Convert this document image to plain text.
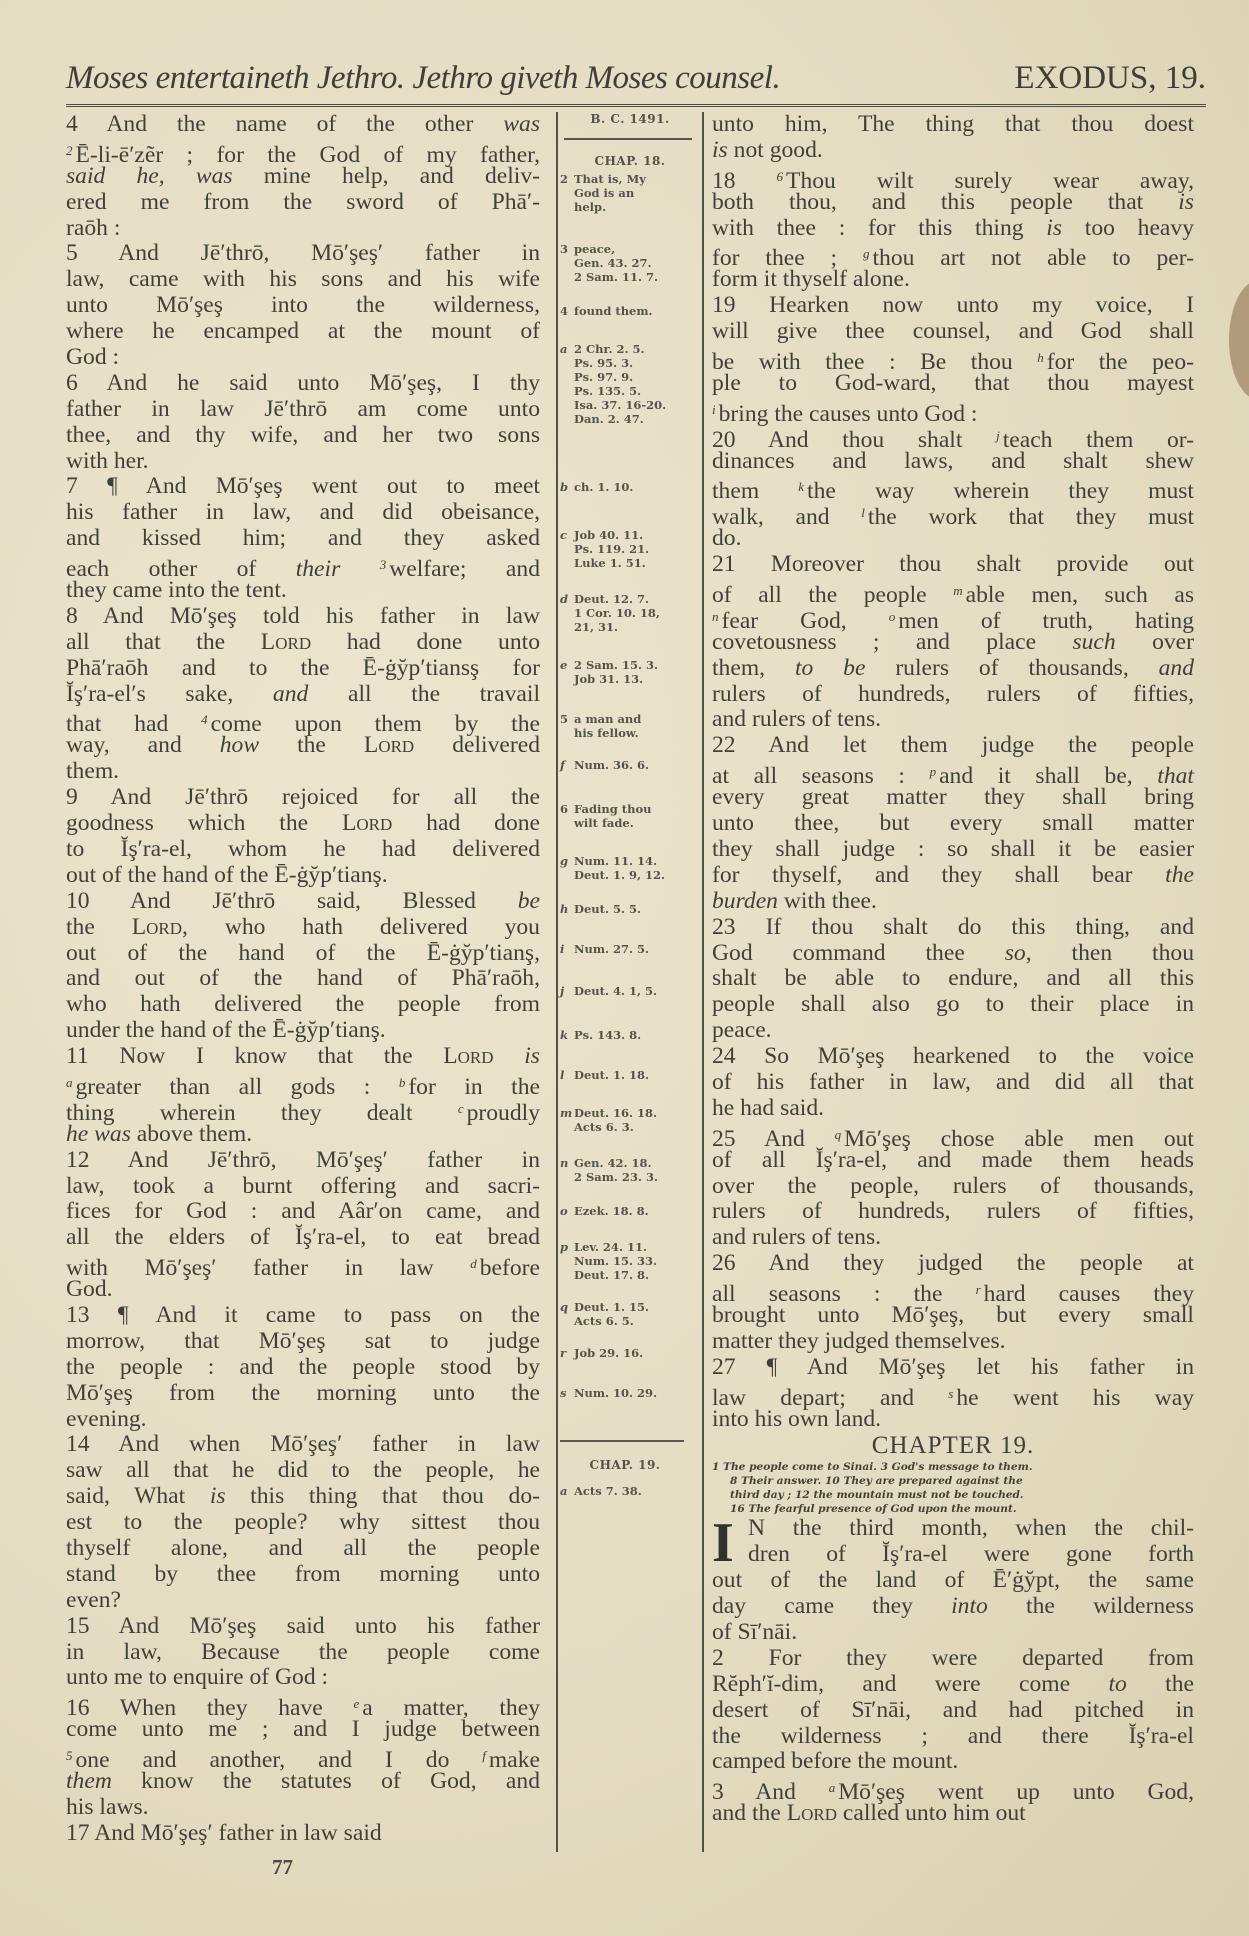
Moses entertaineth Jethro. Jethro giveth Moses counsel.	EXODUS, 19.
4 And the name of the other was
$^2$ Ē-li-ē′zẽr ; for the God of my father,
said he, was mine help, and deliv-
ered me from the sword of Phā′-
raōh :
5 And Jē′thrō, Mō′şeş′ father in
law, came with his sons and his wife
unto Mō′şeş into the wilderness,
where he encamped at the mount of
God :
6 And he said unto Mō′şeş, I thy
father in law Jē′thrō am come unto
thee, and thy wife, and her two sons
with her.
7 ¶ And Mō′şeş went out to meet
his father in law, and did obeisance,
and kissed him; and they asked
each other of their	$^3$ welfare; and
they came into the tent.
8 And Mō′şeş told his father in law
all that the Lord had done unto
Phā′raōh and to the Ē-ġy̆p′tiansş for
Ĭş′ra-el′s sake, and all the travail
that had $^4$ come upon them by the
way, and how the Lord delivered
them.
9 And Jē′thrō rejoiced for all the
goodness which the Lord had done
to Ĭş′ra-el, whom he had delivered
out of the hand of the Ē-ġy̆p′tianş.
10 And Jē′thrō said, Blessed be
the Lord, who hath delivered you
out of the hand of the Ē-ġy̆p′tianş,
and out of the hand of Phā′raōh,
who hath delivered the people from
under the hand of the Ē-ġy̆p′tianş.
11 Now I know that the Lord is
$^a$ greater than all gods : $^b$ for in the
thing wherein they dealt $^c$ proudly
he was above them.
12 And Jē′thrō, Mō′şeş′ father in
law, took a burnt offering and sacri-
fices for God : and Aâr′on came, and
all the elders of Ĭş′ra-el, to eat bread
with Mō′şeş′ father in law $^d$ before
God.
13 ¶ And it came to pass on the
morrow, that Mō′şeş sat to judge
the people : and the people stood by
Mō′şeş from the morning unto the
evening.
14 And when Mō′şeş′ father in law
saw all that he did to the people, he
said, What is this thing that thou do-
est to the people? why sittest thou
thyself alone, and all the people
stand by thee from morning unto
even?
15 And Mō′şeş said unto his father
in law, Because the people come
unto me to enquire of God :
16 When they have $^e$ a matter, they
come unto me ; and I judge between
$^5$ one and another, and I do $^f$ make
them know the statutes of God, and
his laws.
17 And Mō′şeş′ father in law said
B. C. 1491.
CHAP. 18.
2 That is, My

God is an
help.
3 peace,

Gen. 43. 27.
2 Sam. 11. 7.
4 found them.

a 2 Chr. 2. 5.

Ps. 95. 3.
Ps. 97. 9.
Ps. 135. 5.
Isa. 37. 16-20.
Dan. 2. 47.
b ch. 1. 10.

c Job 40. 11.

Ps. 119. 21.
Luke 1. 51.
d Deut. 12. 7.

1 Cor. 10. 18,
21, 31.
e 2 Sam. 15. 3.

Job 31. 13.
5 a man and

his fellow.
f Num. 36. 6.

6 Fading thou

wilt fade.
g Num. 11. 14.

Deut. 1. 9, 12.
h Deut. 5. 5.

i Num. 27. 5.

j Deut. 4. 1, 5.

k Ps. 143. 8.

l Deut. 1. 18.

m Deut. 16. 18.

Acts 6. 3.
n Gen. 42. 18.

2 Sam. 23. 3.
o Ezek. 18. 8.

p Lev. 24. 11.

Num. 15. 33.
Deut. 17. 8.
q Deut. 1. 15.

Acts 6. 5.
r Job 29. 16.

s Num. 10. 29.

CHAP. 19.
a Acts 7. 38.
unto him, The thing that thou doest
is not good.
18 $^6$ Thou wilt surely wear away,
both thou, and this people that is
with thee : for this thing is too heavy
for thee ; $^g$ thou art not able to per-
form it thyself alone.
19 Hearken now unto my voice, I
will give thee counsel, and God shall
be with thee : Be thou $^h$ for the peo-
ple to God-ward, that thou mayest
$^i$ bring the causes unto God :
20 And thou shalt $^j$ teach them or-
dinances and laws, and shalt shew
them $^k$ the way wherein they must
walk, and $^l$ the work that they must
do.
21 Moreover thou shalt provide out
of all the people $^m$ able men, such as
$^n$ fear God, $^o$ men of truth, hating
covetousness ; and place such over
them, to be rulers of thousands, and
rulers of hundreds, rulers of fifties,
and rulers of tens.
22 And let them judge the people
at all seasons : $^p$ and it shall be, that
every great matter they shall bring
unto thee, but every small matter
they shall judge : so shall it be easier
for thyself, and they shall bear the
burden with thee.
23 If thou shalt do this thing, and
God command thee so, then thou
shalt be able to endure, and all this
people shall also go to their place in
peace.
24 So Mō′şeş hearkened to the voice
of his father in law, and did all that
he had said.
25 And $^q$ Mō′şeş chose able men out
of all Ĭş′ra-el, and made them heads
over the people, rulers of thousands,
rulers of hundreds, rulers of fifties,
and rulers of tens.
26 And they judged the people at
all seasons : the $^r$ hard causes they
brought unto Mō′şeş, but every small
matter they judged themselves.
27 ¶ And Mō′şeş let his father in
law depart; and $^s$ he went his way
into his own land.
CHAPTER 19.
1 The people come to Sinai. 3 God's message to them.
8 Their answer. 10 They are prepared against the
third day ; 12 the mountain must not be touched.
16 The fearful presence of God upon the mount.
I N the third month, when the chil-
dren of Ĭş′ra-el were gone forth
out of the land of Ē′ġy̆pt, the same
day came they into the wilderness
of Sī′nāi.
2 For they were departed from
Rĕph′ĭ-dim, and were come to the
desert of Sī′nāi, and had pitched in
the wilderness ; and there Ĭş′ra-el
camped before the mount.
3 And $^a$ Mō′şeş went up unto God,
and the Lord called unto him out
77
